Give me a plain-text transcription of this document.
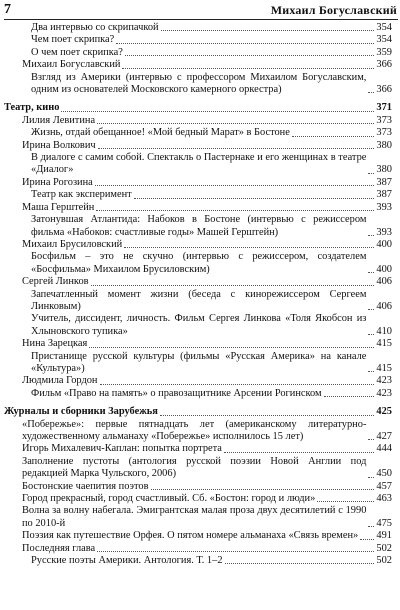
7	Михаил Богуславский
Два интервью со скрипачкой	354
Чем поет скрипка?	354
О чем поет скрипка?	359
Михаил Богуславский	366
Взгляд из Америки (интервью с профессором Михаилом Богуславским, одним из основателей Московского камерного оркестра)	366
Театр, кино	371
Лилия Левитина	373
Жизнь, отдай обещанное! «Мой бедный Марат» в Бостоне	373
Ирина Волкович	380
В диалоге с самим собой. Спектакль о Пастернаке и его женщинах в театре «Диалог»	380
Ирина Рогозина	387
Театр как эксперимент	387
Маша Герштейн	393
Затонувшая Атлантида: Набоков в Бостоне (интервью с режиссером фильма «Набоков: счастливые годы» Машей Герштейн)	393
Михаил Брусиловский	400
Босфильм – это не скучно (интервью с режиссером, создателем «Босфильма» Михаилом Брусиловским)	400
Сергей Линков	406
Запечатленный момент жизни (беседа с кинорежиссером Сергеем Линковым)	406
Учитель, диссидент, личность. Фильм Сергея Линкова «Толя Якобсон из Хлыновского тупика»	410
Нина Зарецкая	415
Пристанище русской культуры (фильмы «Русская Америка» на канале «Культура»)	415
Людмила Гордон	423
Фильм «Право на память» о правозащитнике Арсении Рогинском	423
Журналы и сборники Зарубежья	425
«Побережье»: первые пятнадцать лет (американскому литературно-художественному альманаху «Побережье» исполнилось 15 лет)	427
Игорь Михалевич-Каплан: попытка портрета	444
Заполнение пустоты (антология русской поэзии Новой Англии под редакцией Марка Чульского, 2006)	450
Бостонские чаепития поэтов	457
Город прекрасный, город счастливый. Сб. «Бостон: город и люди»	463
Волна за волну набегала. Эмигрантская малая проза двух десятилетий с 1990 по 2010-й	475
Поэзия как путешествие Орфея. О пятом номере альманаха «Связь времен» 491
Последняя глава	502
Русские поэты Америки. Антология. Т. 1–2	502
